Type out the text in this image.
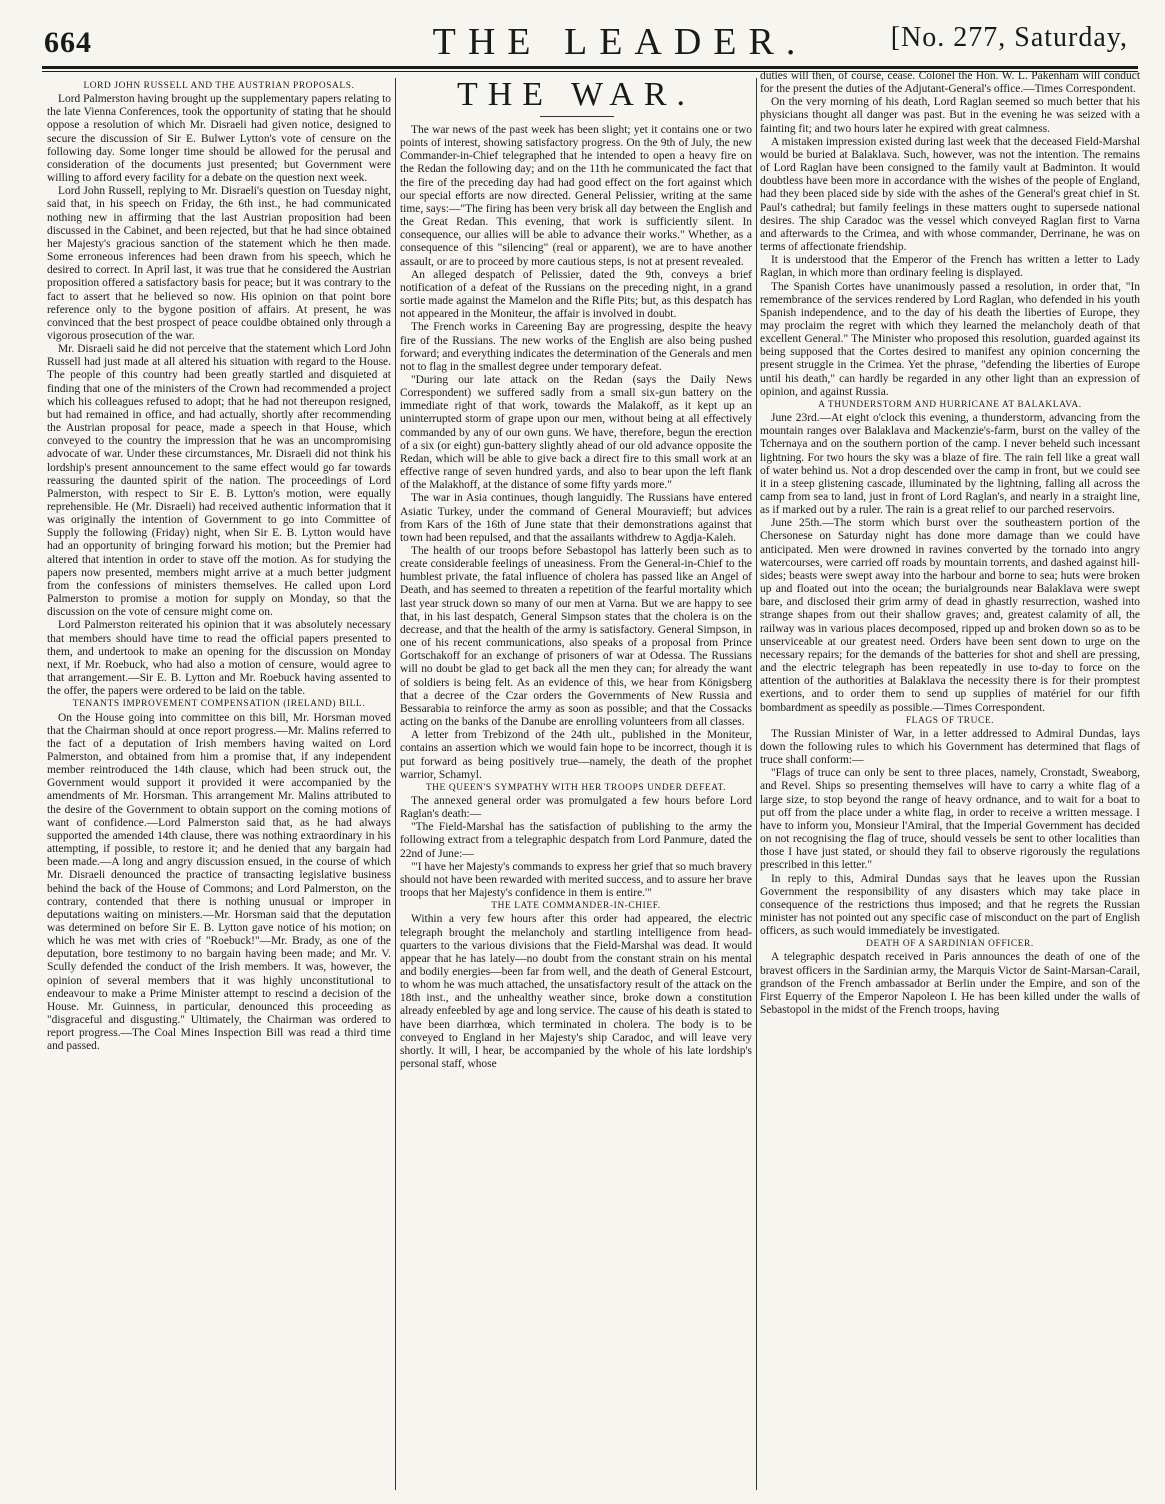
664	THE LEADER.	[No. 277, Saturday,

LORD JOHN RUSSELL AND THE AUSTRIAN PROPOSALS.

Lord Palmerston having brought up the supplementary papers relating to the late Vienna Conferences, took the opportunity of stating that he should oppose a resolution of which Mr. Disraeli had given notice, designed to secure the discussion of Sir E. Bulwer Lytton's vote of censure on the following day. Some longer time should be allowed for the perusal and consideration of the documents just presented; but Government were willing to afford every facility for a debate on the question next week.

Lord John Russell, replying to Mr. Disraeli's question on Tuesday night, said that, in his speech on Friday, the 6th inst., he had communicated nothing new in affirming that the last Austrian proposition had been discussed in the Cabinet, and been rejected, but that he had since obtained her Majesty's gracious sanction of the statement which he then made. Some erroneous inferences had been drawn from his speech, which he desired to correct. In April last, it was true that he considered the Austrian proposition offered a satisfactory basis for peace; but it was contrary to the fact to assert that he believed so now. His opinion on that point bore reference only to the bygone position of affairs. At present, he was convinced that the best prospect of peace couldbe obtained only through a vigorous prosecution of the war.

Mr. Disraeli said he did not perceive that the statement which Lord John Russell had just made at all altered his situation with regard to the House. The people of this country had been greatly startled and disquieted at finding that one of the ministers of the Crown had recommended a project which his colleagues refused to adopt; that he had not thereupon resigned, but had remained in office, and had actually, shortly after recommending the Austrian proposal for peace, made a speech in that House, which conveyed to the country the impression that he was an uncompromising advocate of war. Under these circumstances, Mr. Disraeli did not think his lordship's present announcement to the same effect would go far towards reassuring the daunted spirit of the nation. The proceedings of Lord Palmerston, with respect to Sir E. B. Lytton's motion, were equally reprehensible. He (Mr. Disraeli) had received authentic information that it was originally the intention of Government to go into Committee of Supply the following (Friday) night, when Sir E. B. Lytton would have had an opportunity of bringing forward his motion; but the Premier had altered that intention in order to stave off the motion. As for studying the papers now presented, members might arrive at a much better judgment from the confessions of ministers themselves. He called upon Lord Palmerston to promise a motion for supply on Monday, so that the discussion on the vote of censure might come on.

Lord Palmerston reiterated his opinion that it was absolutely necessary that members should have time to read the official papers presented to them, and undertook to make an opening for the discussion on Monday next, if Mr. Roebuck, who had also a motion of censure, would agree to that arrangement.—Sir E. B. Lytton and Mr. Roebuck having assented to the offer, the papers were ordered to be laid on the table.

TENANTS IMPROVEMENT COMPENSATION (IRELAND) BILL.

On the House going into committee on this bill, Mr. Horsman moved that the Chairman should at once report progress.—Mr. Malins referred to the fact of a deputation of Irish members having waited on Lord Palmerston, and obtained from him a promise that, if any independent member reintroduced the 14th clause, which had been struck out, the Government would support it provided it were accompanied by the amendments of Mr. Horsman. This arrangement Mr. Malins attributed to the desire of the Government to obtain support on the coming motions of want of confidence.—Lord Palmerston said that, as he had always supported the amended 14th clause, there was nothing extraordinary in his attempting, if possible, to restore it; and he denied that any bargain had been made.—A long and angry discussion ensued, in the course of which Mr. Disraeli denounced the practice of transacting legislative business behind the back of the House of Commons; and Lord Palmerston, on the contrary, contended that there is nothing unusual or improper in deputations waiting on ministers.—Mr. Horsman said that the deputation was determined on before Sir E. B. Lytton gave notice of his motion; on which he was met with cries of "Roebuck!"—Mr. Brady, as one of the deputation, bore testimony to no bargain having been made; and Mr. V. Scully defended the conduct of the Irish members. It was, however, the opinion of several members that it was highly unconstitutional to endeavour to make a Prime Minister attempt to rescind a decision of the House. Mr. Guinness, in particular, denounced this proceeding as "disgraceful and disgusting." Ultimately, the Chairman was ordered to report progress.—The Coal Mines Inspection Bill was read a third time and passed.

THE WAR.

The war news of the past week has been slight; yet it contains one or two points of interest, showing satisfactory progress. On the 9th of July, the new Commander-in-Chief telegraphed that he intended to open a heavy fire on the Redan the following day; and on the 11th he communicated the fact that the fire of the preceding day had had good effect on the fort against which our special efforts are now directed. General Pelissier, writing at the same time, says:—"The firing has been very brisk all day between the English and the Great Redan. This evening, that work is sufficiently silent. In consequence, our allies will be able to advance their works." Whether, as a consequence of this "silencing" (real or apparent), we are to have another assault, or are to proceed by more cautious steps, is not at present revealed.

An alleged despatch of Pelissier, dated the 9th, conveys a brief notification of a defeat of the Russians on the preceding night, in a grand sortie made against the Mamelon and the Rifle Pits; but, as this despatch has not appeared in the Moniteur, the affair is involved in doubt.

The French works in Careening Bay are progressing, despite the heavy fire of the Russians. The new works of the English are also being pushed forward; and everything indicates the determination of the Generals and men not to flag in the smallest degree under temporary defeat.

"During our late attack on the Redan (says the Daily News Correspondent) we suffered sadly from a small six-gun battery on the immediate right of that work, towards the Malakoff, as it kept up an uninterrupted storm of grape upon our men, without being at all effectively commanded by any of our own guns. We have, therefore, begun the erection of a six (or eight) gun-battery slightly ahead of our old advance opposite the Redan, which will be able to give back a direct fire to this small work at an effective range of seven hundred yards, and also to bear upon the left flank of the Malakhoff, at the distance of some fifty yards more."

The war in Asia continues, though languidly. The Russians have entered Asiatic Turkey, under the command of General Mouravieff; but advices from Kars of the 16th of June state that their demonstrations against that town had been repulsed, and that the assailants withdrew to Agdja-Kaleh.

The health of our troops before Sebastopol has latterly been such as to create considerable feelings of uneasiness. From the General-in-Chief to the humblest private, the fatal influence of cholera has passed like an Angel of Death, and has seemed to threaten a repetition of the fearful mortality which last year struck down so many of our men at Varna. But we are happy to see that, in his last despatch, General Simpson states that the cholera is on the decrease, and that the health of the army is satisfactory. General Simpson, in one of his recent communications, also speaks of a proposal from Prince Gortschakoff for an exchange of prisoners of war at Odessa. The Russians will no doubt be glad to get back all the men they can; for already the want of soldiers is being felt. As an evidence of this, we hear from Königsberg that a decree of the Czar orders the Governments of New Russia and Bessarabia to reinforce the army as soon as possible; and that the Cossacks acting on the banks of the Danube are enrolling volunteers from all classes.

A letter from Trebizond of the 24th ult., published in the Moniteur, contains an assertion which we would fain hope to be incorrect, though it is put forward as being positively true—namely, the death of the prophet warrior, Schamyl.

THE QUEEN'S SYMPATHY WITH HER TROOPS UNDER DEFEAT.

The annexed general order was promulgated a few hours before Lord Raglan's death:—

"The Field-Marshal has the satisfaction of publishing to the army the following extract from a telegraphic despatch from Lord Panmure, dated the 22nd of June:—

"'I have her Majesty's commands to express her grief that so much bravery should not have been rewarded with merited success, and to assure her brave troops that her Majesty's confidence in them is entire.'"

THE LATE COMMANDER-IN-CHIEF.

Within a very few hours after this order had appeared, the electric telegraph brought the melancholy and startling intelligence from head-quarters to the various divisions that the Field-Marshal was dead. It would appear that he has lately—no doubt from the constant strain on his mental and bodily energies—been far from well, and the death of General Estcourt, to whom he was much attached, the unsatisfactory result of the attack on the 18th inst., and the unhealthy weather since, broke down a constitution already enfeebled by age and long service. The cause of his death is stated to have been diarrhœa, which terminated in cholera. The body is to be conveyed to England in her Majesty's ship Caradoc, and will leave very shortly. It will, I hear, be accompanied by the whole of his late lordship's personal staff, whose

duties will then, of course, cease. Colonel the Hon. W. L. Pakenham will conduct for the present the duties of the Adjutant-General's office.—Times Correspondent.

On the very morning of his death, Lord Raglan seemed so much better that his physicians thought all danger was past. But in the evening he was seized with a fainting fit; and two hours later he expired with great calmness.

A mistaken impression existed during last week that the deceased Field-Marshal would be buried at Balaklava. Such, however, was not the intention. The remains of Lord Raglan have been consigned to the family vault at Badminton. It would doubtless have been more in accordance with the wishes of the people of England, had they been placed side by side with the ashes of the General's great chief in St. Paul's cathedral; but family feelings in these matters ought to supersede national desires. The ship Caradoc was the vessel which conveyed Raglan first to Varna and afterwards to the Crimea, and with whose commander, Derrinane, he was on terms of affectionate friendship.

It is understood that the Emperor of the French has written a letter to Lady Raglan, in which more than ordinary feeling is displayed.

The Spanish Cortes have unanimously passed a resolution, in order that, "In remembrance of the services rendered by Lord Raglan, who defended in his youth Spanish independence, and to the day of his death the liberties of Europe, they may proclaim the regret with which they learned the melancholy death of that excellent General." The Minister who proposed this resolution, guarded against its being supposed that the Cortes desired to manifest any opinion concerning the present struggle in the Crimea. Yet the phrase, "defending the liberties of Europe until his death," can hardly be regarded in any other light than an expression of opinion, and against Russia.

A THUNDERSTORM AND HURRICANE AT BALAKLAVA.

June 23rd.—At eight o'clock this evening, a thunderstorm, advancing from the mountain ranges over Balaklava and Mackenzie's-farm, burst on the valley of the Tchernaya and on the southern portion of the camp. I never beheld such incessant lightning. For two hours the sky was a blaze of fire. The rain fell like a great wall of water behind us. Not a drop descended over the camp in front, but we could see it in a steep glistening cascade, illuminated by the lightning, falling all across the camp from sea to land, just in front of Lord Raglan's, and nearly in a straight line, as if marked out by a ruler. The rain is a great relief to our parched reservoirs.

June 25th.—The storm which burst over the southeastern portion of the Chersonese on Saturday night has done more damage than we could have anticipated. Men were drowned in ravines converted by the tornado into angry watercourses, were carried off roads by mountain torrents, and dashed against hill-sides; beasts were swept away into the harbour and borne to sea; huts were broken up and floated out into the ocean; the burialgrounds near Balaklava were swept bare, and disclosed their grim army of dead in ghastly resurrection, washed into strange shapes from out their shallow graves; and, greatest calamity of all, the railway was in various places decomposed, ripped up and broken down so as to be unserviceable at our greatest need. Orders have been sent down to urge on the necessary repairs; for the demands of the batteries for shot and shell are pressing, and the electric telegraph has been repeatedly in use to-day to force on the attention of the authorities at Balaklava the necessity there is for their promptest exertions, and to order them to send up supplies of matériel for our fifth bombardment as speedily as possible.—Times Correspondent.

FLAGS OF TRUCE.

The Russian Minister of War, in a letter addressed to Admiral Dundas, lays down the following rules to which his Government has determined that flags of truce shall conform:—

"Flags of truce can only be sent to three places, namely, Cronstadt, Sweaborg, and Revel. Ships so presenting themselves will have to carry a white flag of a large size, to stop beyond the range of heavy ordnance, and to wait for a boat to put off from the place under a white flag, in order to receive a written message. I have to inform you, Monsieur l'Amiral, that the Imperial Government has decided on not recognising the flag of truce, should vessels be sent to other localities than those I have just stated, or should they fail to observe rigorously the regulations prescribed in this letter."

In reply to this, Admiral Dundas says that he leaves upon the Russian Government the responsibility of any disasters which may take place in consequence of the restrictions thus imposed; and that he regrets the Russian minister has not pointed out any specific case of misconduct on the part of English officers, as such would immediately be investigated.

DEATH OF A SARDINIAN OFFICER.

A telegraphic despatch received in Paris announces the death of one of the bravest officers in the Sardinian army, the Marquis Victor de Saint-Marsan-Carail, grandson of the French ambassador at Berlin under the Empire, and son of the First Equerry of the Emperor Napoleon I. He has been killed under the walls of Sebastopol in the midst of the French troops, having
